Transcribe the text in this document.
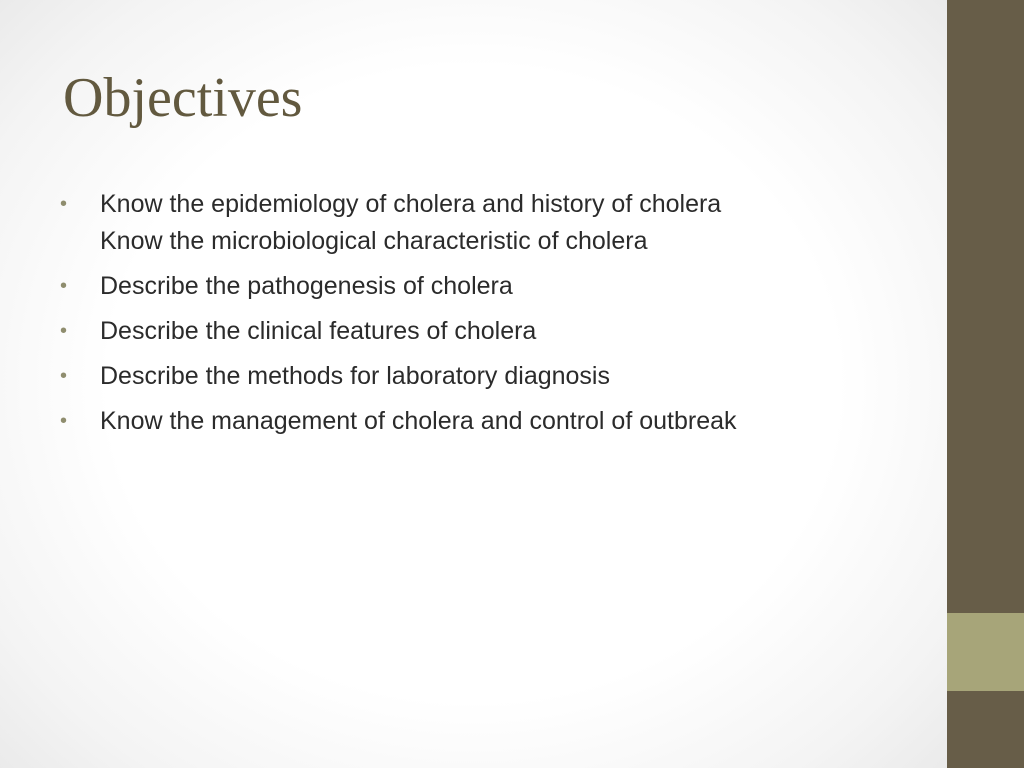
Objectives
•	Know the epidemiology of cholera and history of cholera
Know the microbiological characteristic of cholera
•	Describe the pathogenesis of cholera
•	Describe the clinical features of cholera
•	Describe the methods for laboratory diagnosis
•	Know the management of cholera and control of outbreak
